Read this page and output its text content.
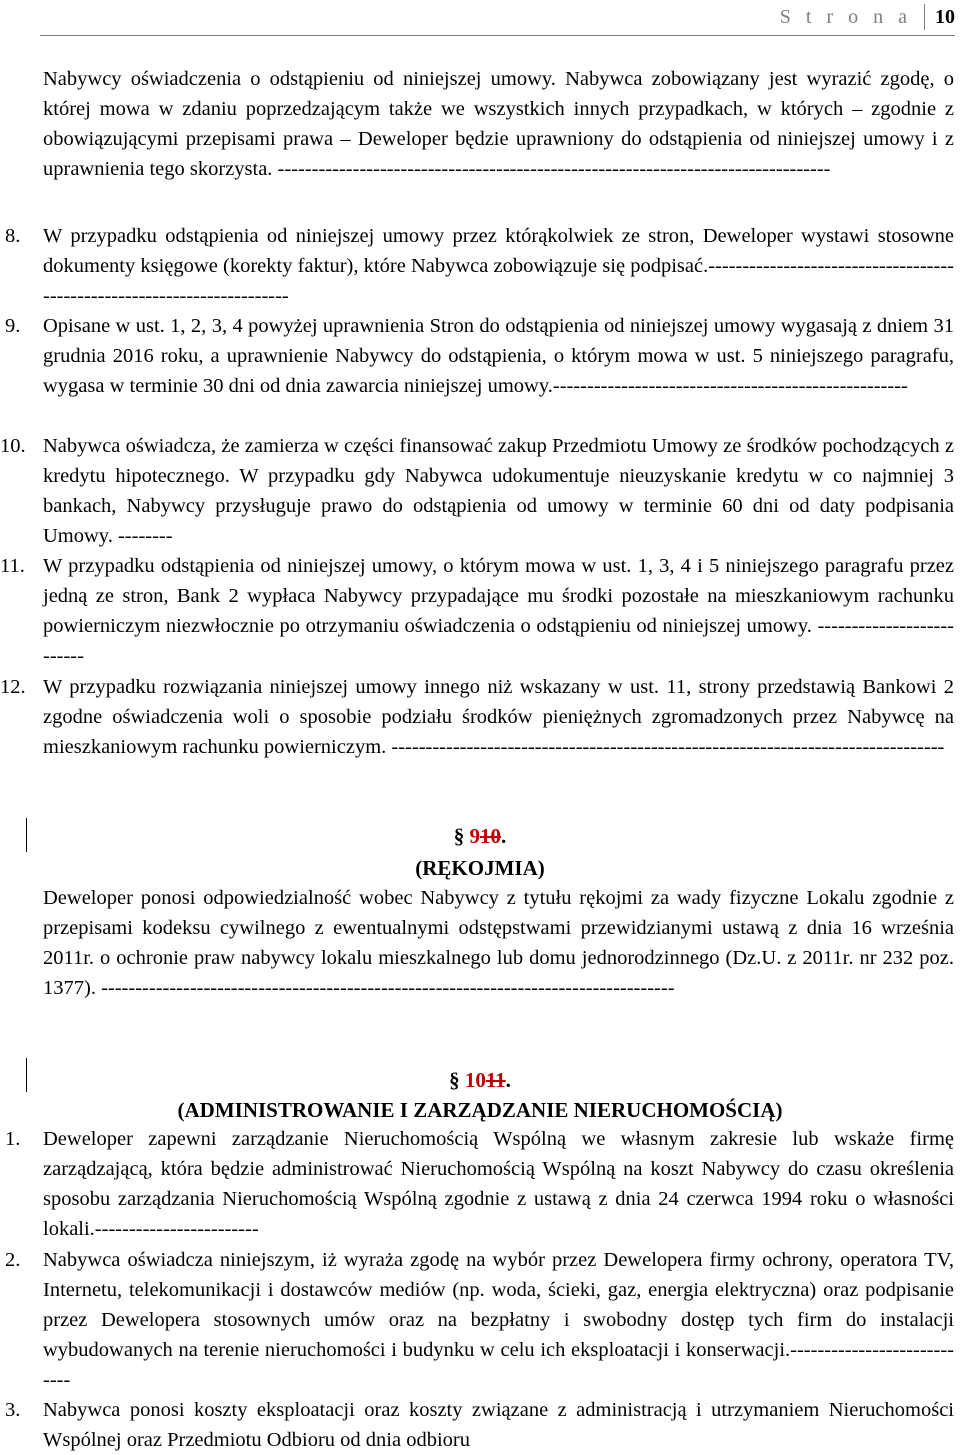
S t r o n a 10
Nabywcy oświadczenia o odstąpieniu od niniejszej umowy. Nabywca zobowiązany jest wyrazić zgodę, o której mowa w zdaniu poprzedzającym także we wszystkich innych przypadkach, w których – zgodnie z obowiązującymi przepisami prawa – Deweloper będzie uprawniony do odstąpienia od niniejszej umowy i z uprawnienia tego skorzysta. ---------------------------------------------------------------------------------
8.	W przypadku odstąpienia od niniejszej umowy przez którąkolwiek ze stron, Deweloper wystawi stosowne dokumenty księgowe (korekty faktur), które Nabywca zobowiązuje się podpisać.------------------------------------------------------------------------
9.	Opisane w ust. 1, 2, 3, 4 powyżej uprawnienia Stron do odstąpienia od niniejszej umowy wygasają z dniem 31 grudnia 2016 roku, a uprawnienie Nabywcy do odstąpienia, o którym mowa w ust. 5 niniejszego paragrafu, wygasa w terminie 30 dni od dnia zawarcia niniejszej umowy.----------------------------------------------------
10. Nabywca oświadcza, że zamierza w części finansować zakup Przedmiotu Umowy ze środków pochodzących z kredytu hipotecznego. W przypadku gdy Nabywca udokumentuje nieuzyskanie kredytu w co najmniej 3 bankach, Nabywcy przysługuje prawo do odstąpienia od umowy w terminie 60 dni od daty podpisania Umowy. --------
11. W przypadku odstąpienia od niniejszej umowy, o którym mowa w ust. 1, 3, 4 i 5 niniejszego paragrafu przez jedną ze stron, Bank 2 wypłaca Nabywcy przypadające mu środki pozostałe na mieszkaniowym rachunku powierniczym niezwłocznie po otrzymaniu oświadczenia o odstąpieniu od niniejszej umowy. --------------------------
12. W przypadku rozwiązania niniejszej umowy innego niż wskazany w ust. 11, strony przedstawią Bankowi 2 zgodne oświadczenia woli o sposobie podziału środków pieniężnych zgromadzonych przez Nabywcę na mieszkaniowym rachunku powierniczym. ---------------------------------------------------------------------------------
§ 910.
(RĘKOJMIA)
Deweloper ponosi odpowiedzialność wobec Nabywcy z tytułu rękojmi za wady fizyczne Lokalu zgodnie z przepisami kodeksu cywilnego z ewentualnymi odstępstwami przewidzianymi ustawą z dnia 16 września 2011r. o ochronie praw nabywcy lokalu mieszkalnego lub domu jednorodzinnego (Dz.U. z 2011r. nr 232 poz. 1377). ------------------------------------------------------------------------------------
§ 1011.
(ADMINISTROWANIE I ZARZĄDZANIE NIERUCHOMOŚCIĄ)
1.	Deweloper zapewni zarządzanie Nieruchomością Wspólną we własnym zakresie lub wskaże firmę zarządzającą, która będzie administrować Nieruchomością Wspólną na koszt Nabywcy do czasu określenia sposobu zarządzania Nieruchomością Wspólną zgodnie z ustawą z dnia 24 czerwca 1994 roku o własności lokali.------------------------
2.	Nabywca oświadcza niniejszym, iż wyraża zgodę na wybór przez Dewelopera firmy ochrony, operatora TV, Internetu, telekomunikacji i dostawców mediów (np. woda, ścieki, gaz, energia elektryczna) oraz podpisanie przez Dewelopera stosownych umów oraz na bezpłatny i swobodny dostęp tych firm do instalacji wybudowanych na terenie nieruchomości i budynku w celu ich eksploatacji i konserwacji.----------------------------
3.	Nabywca ponosi koszty eksploatacji oraz koszty związane z administracją i utrzymaniem Nieruchomości Wspólnej oraz Przedmiotu Odbioru od dnia odbioru
